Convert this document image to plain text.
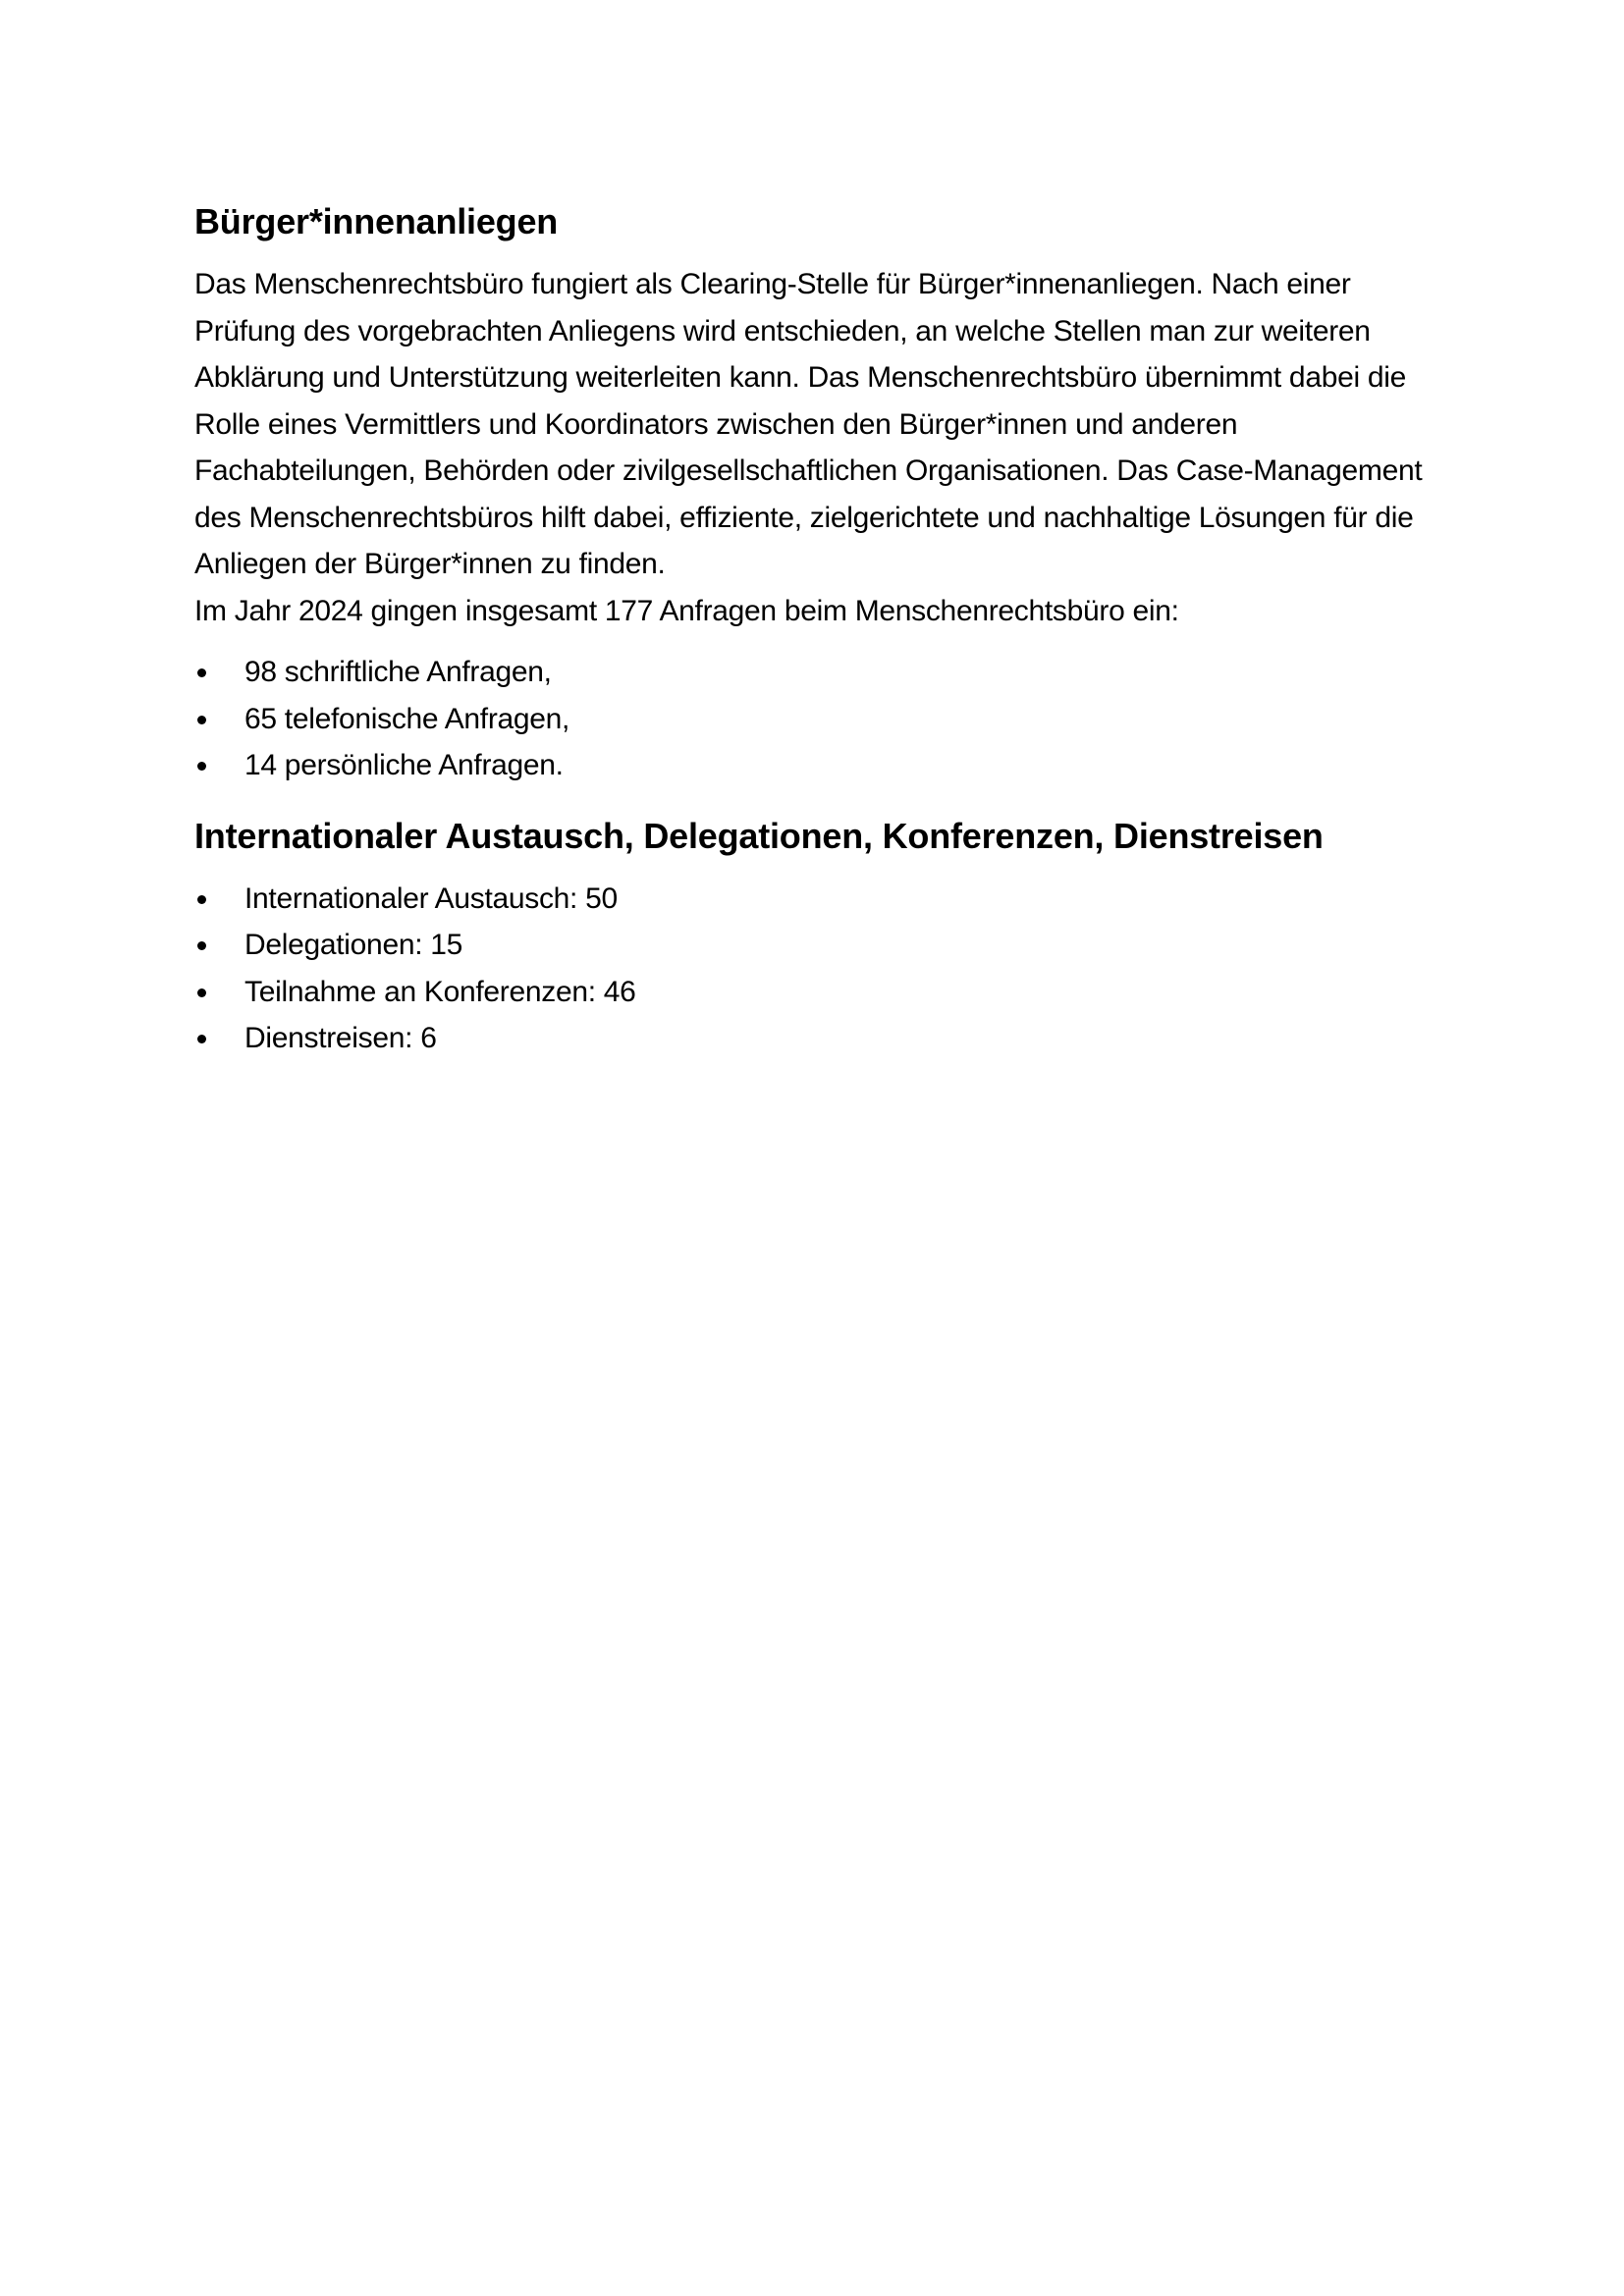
Bürger*innenanliegen

Das Menschenrechtsbüro fungiert als Clearing-Stelle für Bürger*innenanliegen. Nach einer Prüfung des vorgebrachten Anliegens wird entschieden, an welche Stellen man zur weiteren Abklärung und Unterstützung weiterleiten kann. Das Menschenrechtsbüro übernimmt dabei die Rolle eines Vermittlers und Koordinators zwischen den Bürger*innen und anderen Fachabteilungen, Behörden oder zivilgesellschaftlichen Organisationen. Das Case-Management des Menschenrechtsbüros hilft dabei, effiziente, zielgerichtete und nachhaltige Lösungen für die Anliegen der Bürger*innen zu finden.

Im Jahr 2024 gingen insgesamt 177 Anfragen beim Menschenrechtsbüro ein:

98 schriftliche Anfragen,
65 telefonische Anfragen,
14 persönliche Anfragen.
Internationaler Austausch, Delegationen, Konferenzen, Dienstreisen
Internationaler Austausch: 50
Delegationen: 15
Teilnahme an Konferenzen: 46
Dienstreisen: 6
